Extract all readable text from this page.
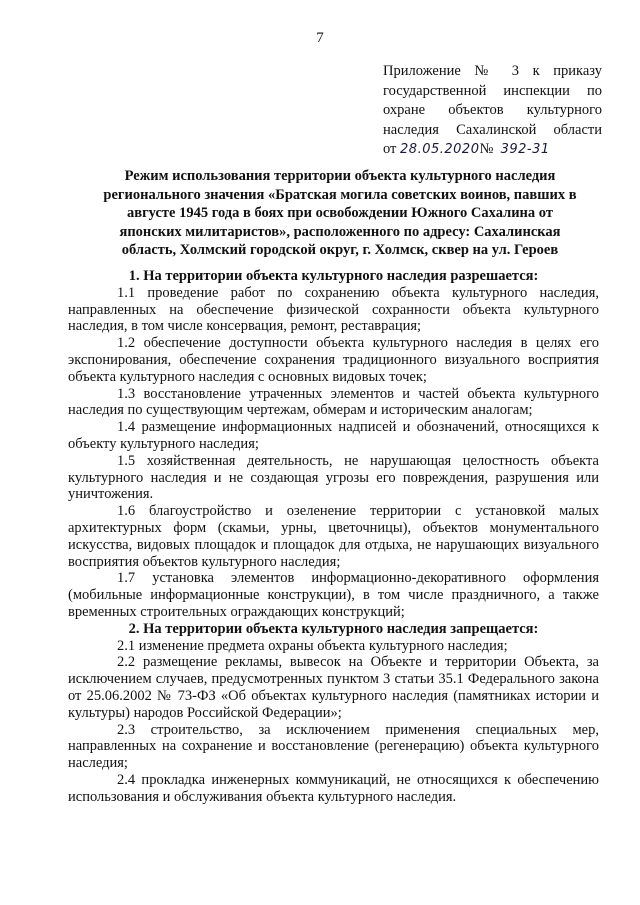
7
Приложение № 3 к приказу
государственной инспекции по
охране объектов культурного
наследия Сахалинской области
от 28.05.2020№ 392-31
Режим использования территории объекта культурного наследия
регионального значения «Братская могила советских воинов, павших в
августе 1945 года в боях при освобождении Южного Сахалина от
японских милитаристов», расположенного по адресу: Сахалинская
область, Холмский городской округ, г. Холмск, сквер на ул. Героев
1. На территории объекта культурного наследия разрешается:

1.1 проведение работ по сохранению объекта культурного наследия, направленных на обеспечение физической сохранности объекта культурного наследия, в том числе консервация, ремонт, реставрация;

1.2 обеспечение доступности объекта культурного наследия в целях его экспонирования, обеспечение сохранения традиционного визуального восприятия объекта культурного наследия с основных видовых точек;

1.3 восстановление утраченных элементов и частей объекта культурного наследия по существующим чертежам, обмерам и историческим аналогам;

1.4 размещение информационных надписей и обозначений, относящихся к объекту культурного наследия;

1.5 хозяйственная деятельность, не нарушающая целостность объекта культурного наследия и не создающая угрозы его повреждения, разрушения или уничтожения.

1.6 благоустройство и озеленение территории с установкой малых архитектурных форм (скамьи, урны, цветочницы), объектов монументального искусства, видовых площадок и площадок для отдыха, не нарушающих визуального восприятия объектов культурного наследия;

1.7 установка элементов информационно-декоративного оформления (мобильные информационные конструкции), в том числе праздничного, а также временных строительных ограждающих конструкций;

2. На территории объекта культурного наследия запрещается:

2.1 изменение предмета охраны объекта культурного наследия;

2.2 размещение рекламы, вывесок на Объекте и территории Объекта, за исключением случаев, предусмотренных пунктом 3 статьи 35.1 Федерального закона от 25.06.2002 № 73-ФЗ «Об объектах культурного наследия (памятниках истории и культуры) народов Российской Федерации»;

2.3 строительство, за исключением применения специальных мер, направленных на сохранение и восстановление (регенерацию) объекта культурного наследия;

2.4 прокладка инженерных коммуникаций, не относящихся к обеспечению использования и обслуживания объекта культурного наследия.
